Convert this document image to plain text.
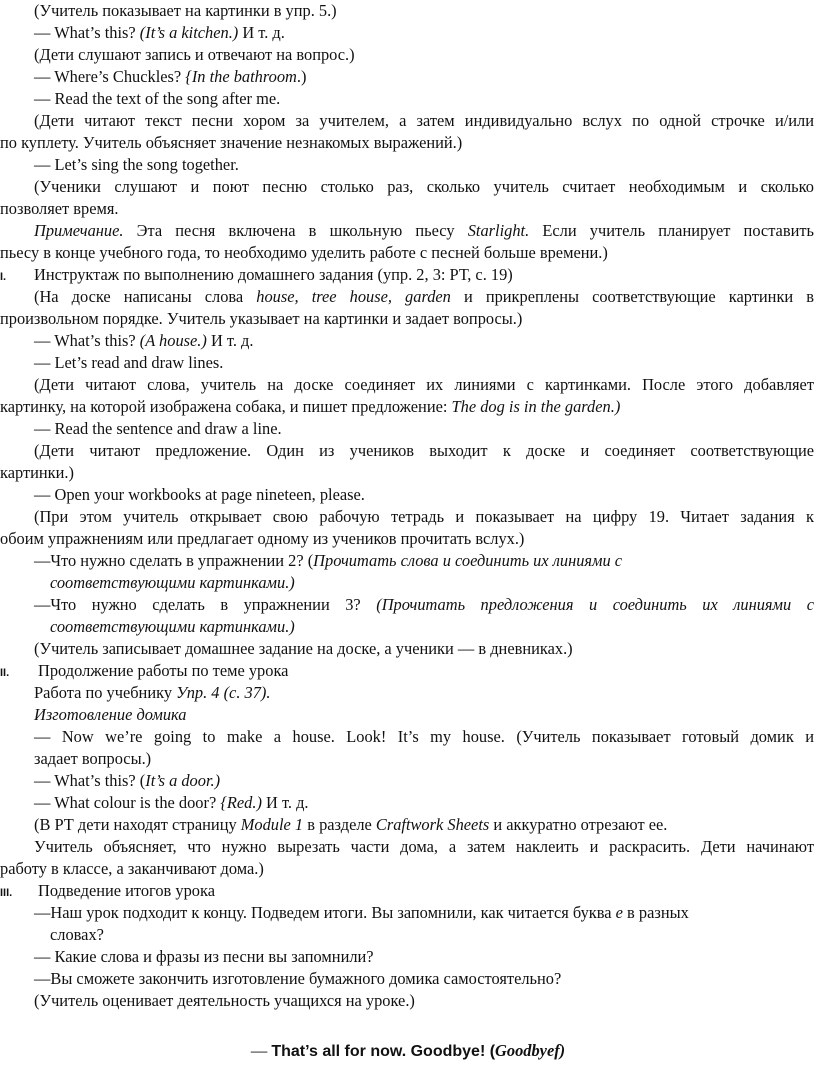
(Учитель показывает на картинки в упр. 5.)
— What’s this? (It’s a kitchen.) И т. д.
(Дети слушают запись и отвечают на вопрос.)
— Where’s Chuckles? {In the bathroom.)
— Read the text of the song after me.
(Дети читают текст песни хором за учителем, а затем индивидуально вслух по одной строчке и/или
по куплету. Учитель объясняет значение незнакомых выражений.)
— Let’s sing the song together.
(Ученики слушают и поют песню столько раз, сколько учитель считает необходимым и сколько
позволяет время.
Примечание. Эта песня включена в школьную пьесу Starlight. Если учитель планирует поставить
пьесу в конце учебного года, то необходимо уделить работе с песней больше времени.)
I. Инструктаж по выполнению домашнего задания (упр. 2, 3: РТ, с. 19)
(На доске написаны слова house, tree house, garden и прикреплены соответствующие картинки в
произвольном порядке. Учитель указывает на картинки и задает вопросы.)
— What’s this? (A house.) И т. д.
— Let’s read and draw lines.
(Дети читают слова, учитель на доске соединяет их линиями с картинками. После этого добавляет
картинку, на которой изображена собака, и пишет предложение: The dog is in the garden.)
— Read the sentence and draw a line.
(Дети читают предложение. Один из учеников выходит к доске и соединяет соответствующие
картинки.)
— Open your workbooks at page nineteen, please.
(При этом учитель открывает свою рабочую тетрадь и показывает на цифру 19. Читает задания к
обоим упражнениям или предлагает одному из учеников прочитать вслух.)
—Что нужно сделать в упражнении 2? (Прочитать слова и соединить их линиями с
соответствующими картинками.)
—Что нужно сделать в упражнении 3? (Прочитать предложения и соединить их линиями с
соответствующими картинками.)
(Учитель записывает домашнее задание на доске, а ученики — в дневниках.)
II. Продолжение работы по теме урока
Работа по учебнику Упр. 4 (с. 37).
Изготовление домика
— Now we’re going to make a house. Look! It’s my house. (Учитель показывает готовый домик и
задает вопросы.)
— What’s this? (It’s a door.)
— What colour is the door? {Red.) И т. д.
(В РТ дети находят страницу Module 1 в разделе Craftwork Sheets и аккуратно отрезают ее.
Учитель объясняет, что нужно вырезать части дома, а затем наклеить и раскрасить. Дети начинают
работу в классе, а заканчивают дома.)
III. Подведение итогов урока
—Наш урок подходит к концу. Подведем итоги. Вы запомнили, как читается буква е в разных
словах?
— Какие слова и фразы из песни вы запомнили?
—Вы сможете закончить изготовление бумажного домика самостоятельно?
(Учитель оценивает деятельность учащихся на уроке.)
— That’s all for now. Goodbye! (Goodbyef)
